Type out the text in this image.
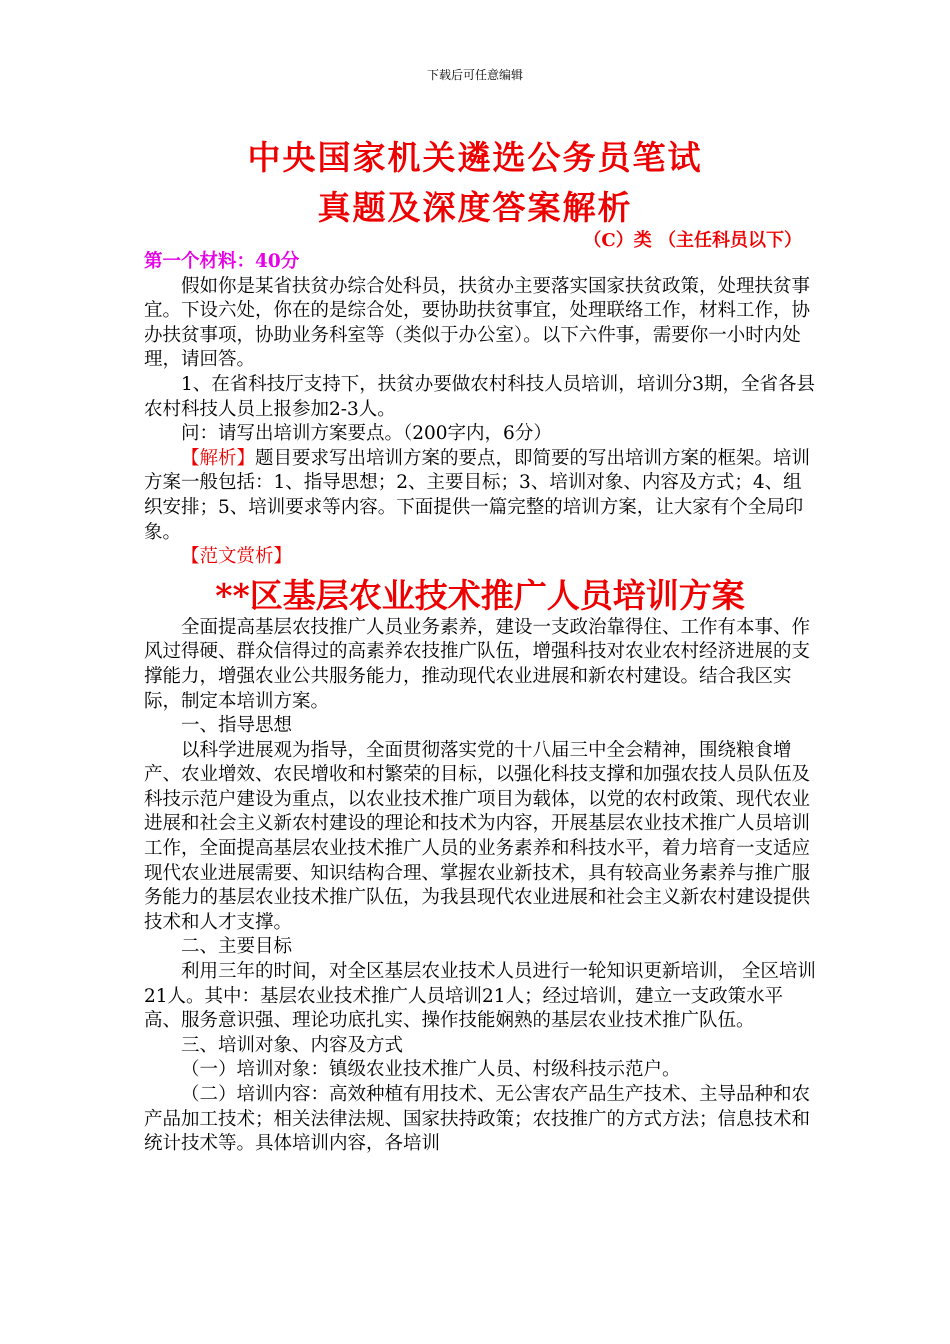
下载后可任意编辑
中央国家机关遴选公务员笔试
真题及深度答案解析
（C）类 （主任科员以下）

第一个材料：40分

假如你是某省扶贫办综合处科员，扶贫办主要落实国家扶贫政策，处理扶贫事宜。下设六处，你在的是综合处，要协助扶贫事宜，处理联络工作，材料工作，协办扶贫事项，协助业务科室等（类似于办公室）。以下六件事，需要你一小时内处理，请回答。

1、在省科技厅支持下，扶贫办要做农村科技人员培训，培训分3期，全省各县农村科技人员上报参加2-3人。

问：请写出培训方案要点。（200字内，6分）

【解析】题目要求写出培训方案的要点，即简要的写出培训方案的框架。培训方案一般包括：1、指导思想；2、主要目标；3、培训对象、内容及方式；4、组织安排；5、培训要求等内容。下面提供一篇完整的培训方案，让大家有个全局印象。

【范文赏析】

**区基层农业技术推广人员培训方案

全面提高基层农技推广人员业务素养，建设一支政治靠得住、工作有本事、作风过得硬、群众信得过的高素养农技推广队伍，增强科技对农业农村经济进展的支撑能力，增强农业公共服务能力，推动现代农业进展和新农村建设。结合我区实际，制定本培训方案。

一、指导思想

以科学进展观为指导，全面贯彻落实党的十八届三中全会精神，围绕粮食增产、农业增效、农民增收和村繁荣的目标，以强化科技支撑和加强农技人员队伍及科技示范户建设为重点，以农业技术推广项目为载体，以党的农村政策、现代农业进展和社会主义新农村建设的理论和技术为内容，开展基层农业技术推广人员培训工作，全面提高基层农业技术推广人员的业务素养和科技水平，着力培育一支适应现代农业进展需要、知识结构合理、掌握农业新技术，具有较高业务素养与推广服务能力的基层农业技术推广队伍，为我县现代农业进展和社会主义新农村建设提供技术和人才支撑。

二、主要目标

利用三年的时间，对全区基层农业技术人员进行一轮知识更新培训， 全区培训21人。其中：基层农业技术推广人员培训21人；经过培训，建立一支政策水平高、服务意识强、理论功底扎实、操作技能娴熟的基层农业技术推广队伍。

三、培训对象、内容及方式

（一）培训对象：镇级农业技术推广人员、村级科技示范户。

（二）培训内容：高效种植有用技术、无公害农产品生产技术、主导品种和农产品加工技术；相关法律法规、国家扶持政策；农技推广的方式方法；信息技术和统计技术等。具体培训内容，各培训
